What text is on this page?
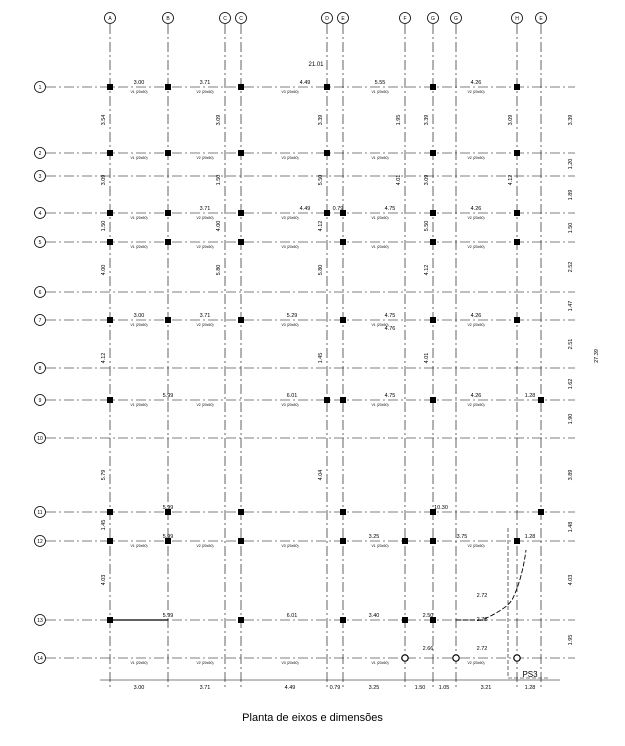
A	B	C C	D	E	F	G	G	H	E
1
2
3
4
5
6
7
8
9
10
11
12
13
14
21.01
3.00	3.71	4.49	5.55	4.26
3.71	4.49	0.79	4.75	4.26
3.00	3.71	5.29	4.75
4.76
4.26
5.99	6.01	4.75	4.26	1.28
5.99	10.30
5.99	3.25	3.75	1.28
2.72
5.99	6.01	3.40	2.50
2.72
2.66	2.72
V1 (20x50)	V2 (20x50)	V3 (20x50)	V1 (20x50)	V2 (20x50)
V1 (20x50)	V2 (20x50)	V3 (20x50)	V1 (20x50)	V2 (20x50)
V1 (20x50)	V2 (20x50)	V3 (20x50)	V1 (20x50)	V2 (20x50)
V1 (20x50)	V2 (20x50)	V3 (20x50)	V1 (20x50)	V2 (20x50)
V1 (20x50)	V2 (20x50)	V3 (20x50)	V1 (20x50)	V2 (20x50)
V1 (20x50)	V2 (20x50)	V3 (20x50)	V1 (20x50)	V2 (20x50)
V1 (20x50)	V2 (20x50)	V3 (20x50)	V1 (20x50)	V2 (20x50)
V1 (20x50)	V2 (20x50)	V3 (20x50)	V1 (20x50)	V2 (20x50)
3.54
3.09
1.50
4.00
4.12
5.79
1.45
4.03
3.09
1.50
4.00
5.80
3.39
5.50
4.12
5.80
1.45
4.04
3.39
3.09
5.50
4.12
4.01
3.09
4.12
1.95
4.01
3.39
1.20
1.89
1.50
2.52
1.47
2.51
1.62
1.90
3.89
1.48
4.03
1.95
27.39
3.00	3.71	4.49	0.79	3.25	1.50 1.05	3.21	1.28
PS3
Planta de eixos e dimensões
